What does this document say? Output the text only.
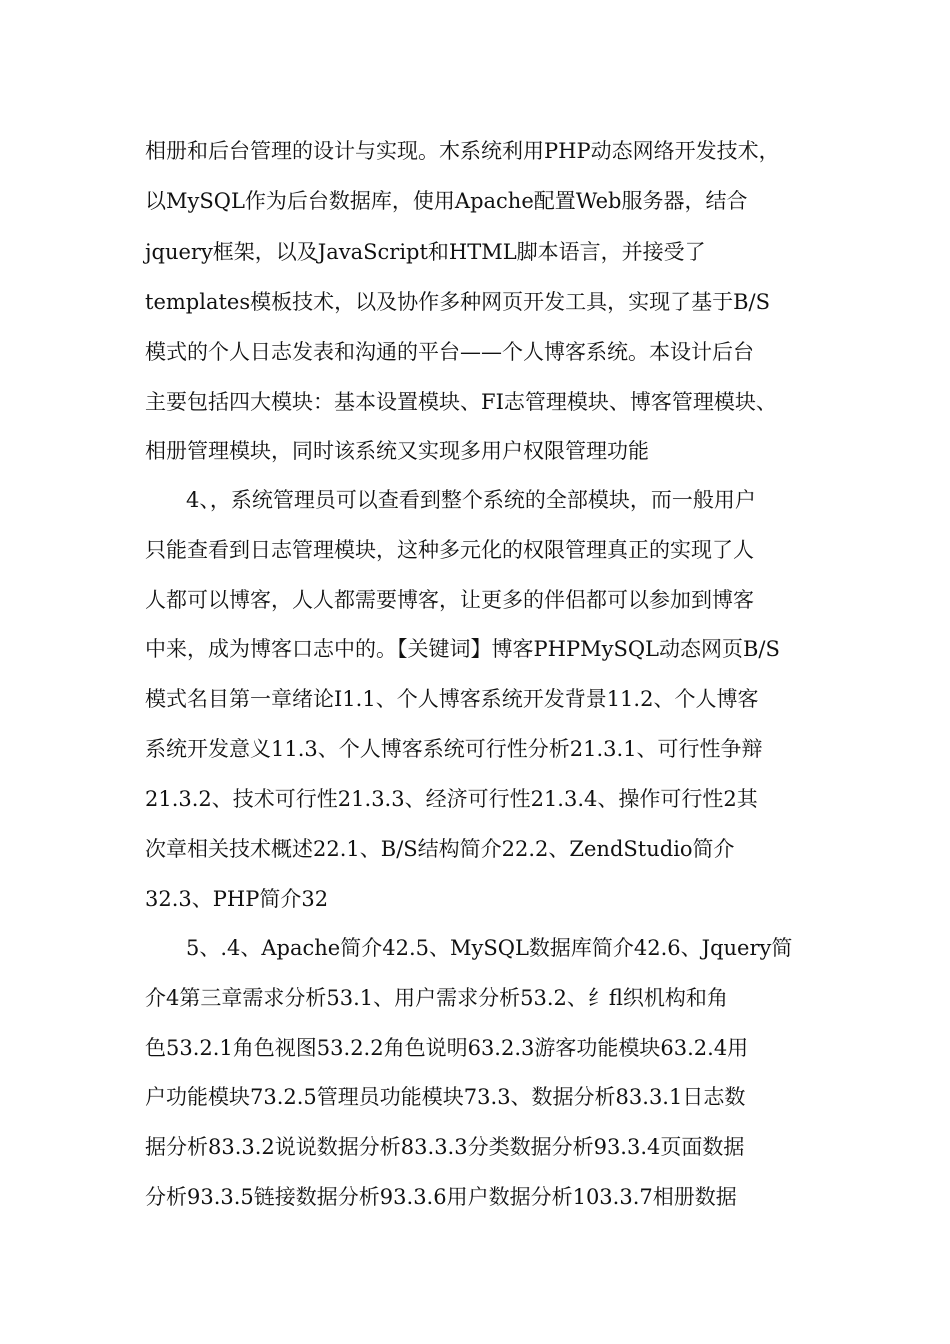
相册和后台管理的设计与实现。木系统利用PHP动态网络开发技术，
以MySQL作为后台数据库，使用Apache配置Web服务器，结合
jquery框架，以及JavaScript和HTML脚本语言，并接受了
templates模板技术，以及协作多种网页开发工具，实现了基于B/S
模式的个人日志发表和沟通的平台——个人博客系统。本设计后台
主要包括四大模块：基本设置模块、FI志管理模块、博客管理模块、
相册管理模块，同时该系统又实现多用户权限管理功能
4、，系统管理员可以查看到整个系统的全部模块，而一般用户
只能查看到日志管理模块，这种多元化的权限管理真正的实现了人
人都可以博客，人人都需要博客，让更多的伴侣都可以参加到博客
中来，成为博客口志中的。【关键词】博客PHPMySQL动态网页B/S
模式名目第一章绪论I1.1、个人博客系统开发背景11.2、个人博客
系统开发意义11.3、个人博客系统可行性分析21.3.1、可行性争辩
21.3.2、技术可行性21.3.3、经济可行性21.3.4、操作可行性2其
次章相关技术概述22.1、B/S结构简介22.2、ZendStudio简介
32.3、PHP简介32
5、.4、Apache简介42.5、MySQL数据库简介42.6、Jquery简
介4第三章需求分析53.1、用户需求分析53.2、纟fl织机构和角
色53.2.1角色视图53.2.2角色说明63.2.3游客功能模块63.2.4用
户功能模块73.2.5管理员功能模块73.3、数据分析83.3.1日志数
据分析83.3.2说说数据分析83.3.3分类数据分析93.3.4页面数据
分析93.3.5链接数据分析93.3.6用户数据分析103.3.7相册数据
